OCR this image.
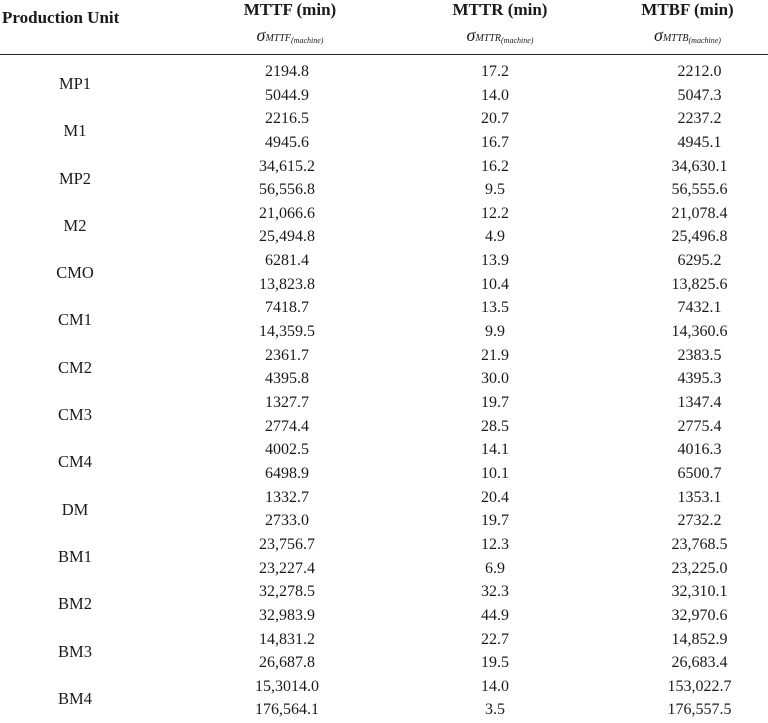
Production Unit	MTTF (min)
σMTTF(machine)
MTTR (min)
σMTTR(machine)
MTBF (min)
σMTTB(machine)
MP1
2194.8
5044.9
17.2
14.0
2212.0
5047.3
M1
2216.5
4945.6
20.7
16.7
2237.2
4945.1
MP2
34,615.2
56,556.8
16.2
9.5
34,630.1
56,555.6
M2
21,066.6
25,494.8
12.2
4.9
21,078.4
25,496.8
CMO
6281.4
13,823.8
13.9
10.4
6295.2
13,825.6
CM1
7418.7
14,359.5
13.5
9.9
7432.1
14,360.6
CM2
2361.7
4395.8
21.9
30.0
2383.5
4395.3
CM3
1327.7
2774.4
19.7
28.5
1347.4
2775.4
CM4
4002.5
6498.9
14.1
10.1
4016.3
6500.7
DM
1332.7
2733.0
20.4
19.7
1353.1
2732.2
BM1
23,756.7
23,227.4
12.3
6.9
23,768.5
23,225.0
BM2
32,278.5
32,983.9
32.3
44.9
32,310.1
32,970.6
BM3
14,831.2
26,687.8
22.7
19.5
14,852.9
26,683.4
BM4
15,3014.0
176,564.1
14.0
3.5
153,022.7
176,557.5
